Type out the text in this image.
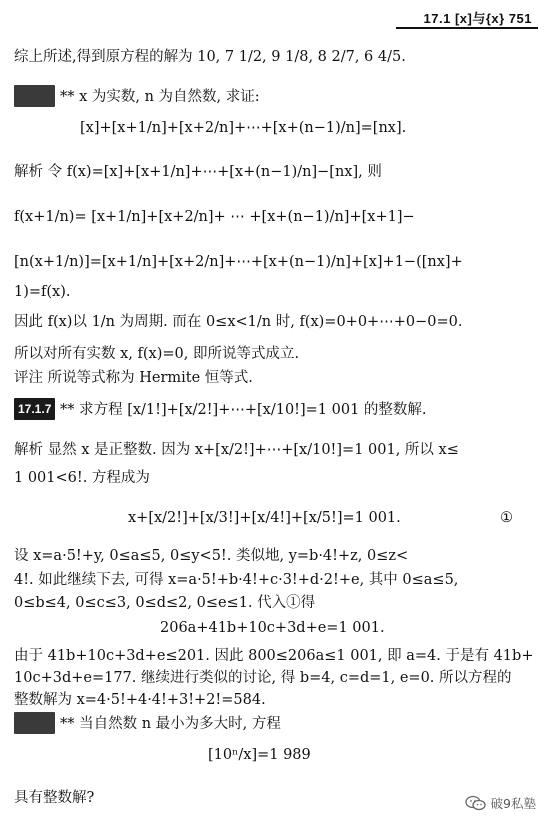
17.1 [x]与{x} 751
综上所述,得到原方程的解为 10, 7 1/2, 9 1/8, 8 2/7, 6 4/5.
17.1.7 ** x 为实数, n 为自然数, 求证:
[x]+[x+1/n]+[x+2/n]+⋯+[x+(n−1)/n]=[nx].
解析 令 f(x)=[x]+[x+1/n]+⋯+[x+(n−1)/n]−[nx], 则
f(x+1/n)= [x+1/n]+[x+2/n]+ ⋯ +[x+(n−1)/n]+[x+1]−
[n(x+1/n)]=[x+1/n]+[x+2/n]+⋯+[x+(n−1)/n]+[x]+1−([nx]+
1)=f(x).
因此 f(x)以 1/n 为周期. 而在 0≤x<1/n 时, f(x)=0+0+⋯+0−0=0.
所以对所有实数 x, f(x)=0, 即所说等式成立.
评注 所说等式称为 Hermite 恒等式.
17.1.7 ** 求方程 [x/1!]+[x/2!]+⋯+[x/10!]=1 001 的整数解.
解析 显然 x 是正整数. 因为 x+[x/2!]+⋯+[x/10!]=1 001, 所以 x≤
1 001<6!. 方程成为
x+[x/2!]+[x/3!]+[x/4!]+[x/5!]=1 001.	①
设 x=a·5!+y, 0≤a≤5, 0≤y<5!. 类似地, y=b·4!+z, 0≤z<
4!. 如此继续下去, 可得 x=a·5!+b·4!+c·3!+d·2!+e, 其中 0≤a≤5,
0≤b≤4, 0≤c≤3, 0≤d≤2, 0≤e≤1. 代入①得
206a+41b+10c+3d+e=1 001.
由于 41b+10c+3d+e≤201. 因此 800≤206a≤1 001, 即 a=4. 于是有 41b+
10c+3d+e=177. 继续进行类似的讨论, 得 b=4, c=d=1, e=0. 所以方程的
整数解为 x=4·5!+4·4!+3!+2!=584.
17.1.8 ** 当自然数 n 最小为多大时, 方程
[10ⁿ/x]=1 989
具有整数解?	破9私塾
